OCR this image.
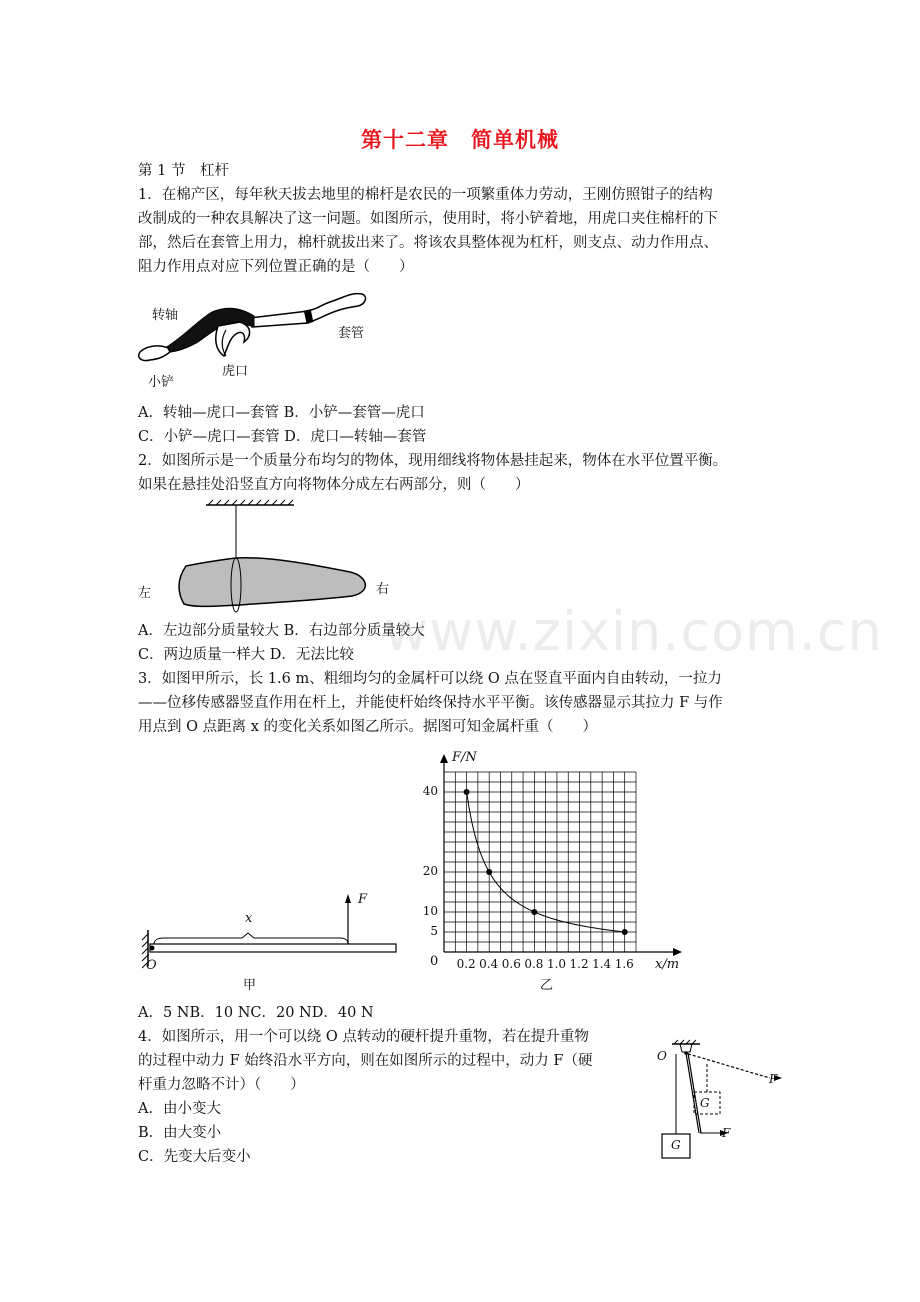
第十二章　简单机械
第 1 节　杠杆
1．在棉产区，每年秋天拔去地里的棉杆是农民的一项繁重体力劳动，王刚仿照钳子的结构
改制成的一种农具解决了这一问题。如图所示，使用时，将小铲着地，用虎口夹住棉杆的下
部，然后在套管上用力，棉杆就拔出来了。将该农具整体视为杠杆，则支点、动力作用点、
阻力作用点对应下列位置正确的是（　　）
转轴
套管
虎口
小铲
A．转轴—虎口—套管 B．小铲—套管—虎口
C．小铲—虎口—套管 D．虎口—转轴—套管
2．如图所示是一个质量分布均匀的物体，现用细线将物体悬挂起来，物体在水平位置平衡。
如果在悬挂处沿竖直方向将物体分成左右两部分，则（　　）
左	右
www.zixin.com.cn
A．左边部分质量较大 B．右边部分质量较大
C．两边质量一样大 D．无法比较
3．如图甲所示，长 1.6 m、粗细均匀的金属杆可以绕 O 点在竖直平面内自由转动，一拉力
——位移传感器竖直作用在杆上，并能使杆始终保持水平平衡。该传感器显示其拉力 F 与作
用点到 O 点距离 x 的变化关系如图乙所示。据图可知金属杆重（　　）
x
F
O
甲
F/N
x/m
0 0.2 0.4 0.6 0.8 1.0 1.2 1.4 1.6
5
10
20
40
乙
A．5 NB．10 NC．20 ND．40 N
4．如图所示，用一个可以绕 O 点转动的硬杆提升重物，若在提升重物
的过程中动力 F 始终沿水平方向，则在如图所示的过程中，动力 F（硬
杆重力忽略不计）（　　）
A．由小变大
B．由大变小
C．先变大后变小
O
F
G
F
G
